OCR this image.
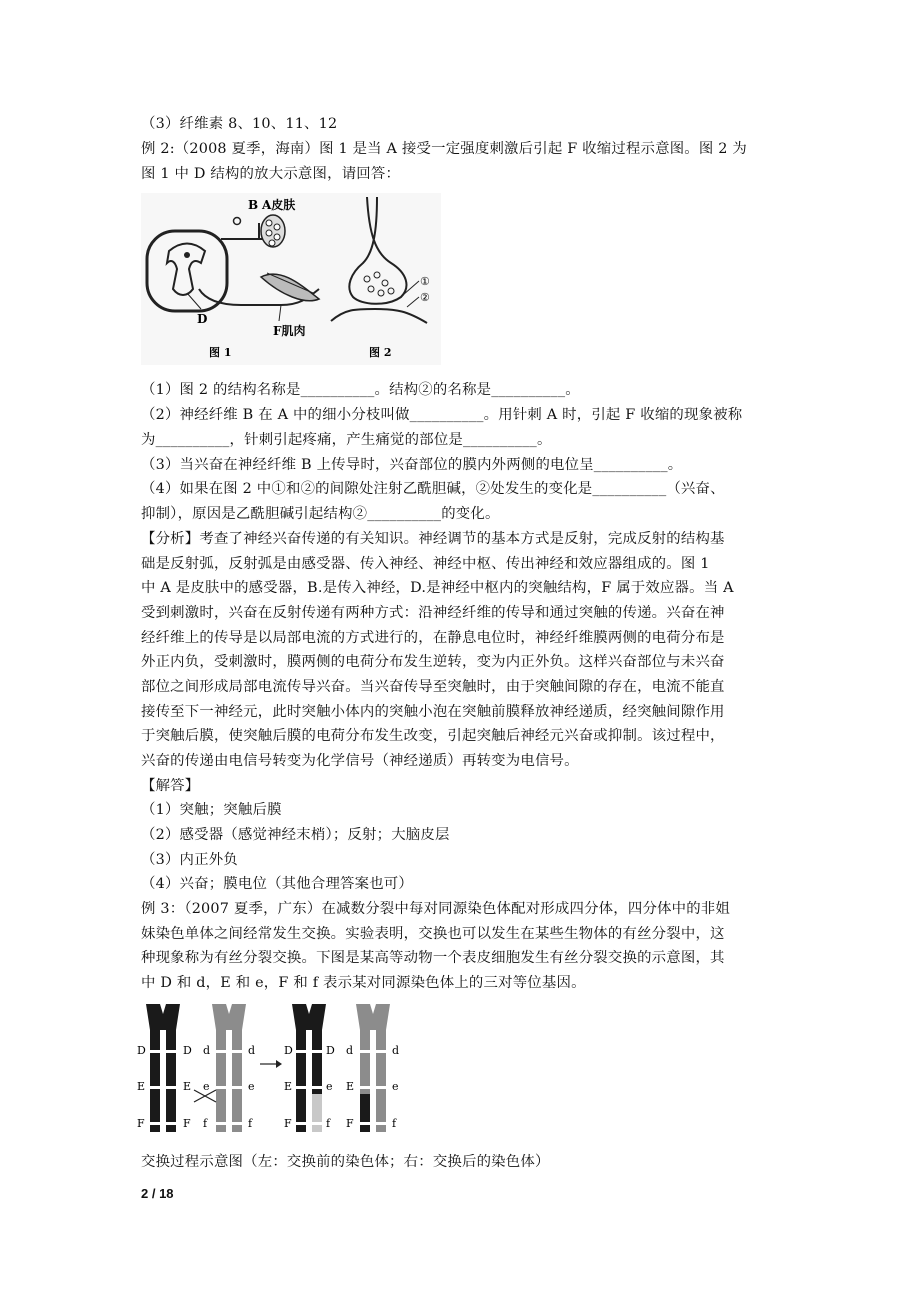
（3）纤维素 8、10、11、12
例 2:（2008 夏季，海南）图 1 是当 A 接受一定强度刺激后引起 F 收缩过程示意图。图 2 为
图 1 中 D 结构的放大示意图，请回答：
B A皮肤
D
F肌肉
图 1
①
②
图 2
（1）图 2 的结构名称是__________。结构②的名称是__________。
（2）神经纤维 B 在 A 中的细小分枝叫做__________。用针刺 A 时，引起 F 收缩的现象被称
为__________，针刺引起疼痛，产生痛觉的部位是__________。
（3）当兴奋在神经纤维 B 上传导时，兴奋部位的膜内外两侧的电位呈__________。
（4）如果在图 2 中①和②的间隙处注射乙酰胆碱，②处发生的变化是__________（兴奋、
抑制），原因是乙酰胆碱引起结构②__________的变化。
【分析】考查了神经兴奋传递的有关知识。神经调节的基本方式是反射，完成反射的结构基
础是反射弧，反射弧是由感受器、传入神经、神经中枢、传出神经和效应器组成的。图 1
中 A 是皮肤中的感受器，B.是传入神经，D.是神经中枢内的突触结构，F 属于效应器。当 A
受到刺激时，兴奋在反射传递有两种方式：沿神经纤维的传导和通过突触的传递。兴奋在神
经纤维上的传导是以局部电流的方式进行的，在静息电位时，神经纤维膜两侧的电荷分布是
外正内负，受刺激时，膜两侧的电荷分布发生逆转，变为内正外负。这样兴奋部位与未兴奋
部位之间形成局部电流传导兴奋。当兴奋传导至突触时，由于突触间隙的存在，电流不能直
接传至下一神经元，此时突触小体内的突触小泡在突触前膜释放神经递质，经突触间隙作用
于突触后膜，使突触后膜的电荷分布发生改变，引起突触后神经元兴奋或抑制。该过程中，
兴奋的传递由电信号转变为化学信号（神经递质）再转变为电信号。
【解答】
（1）突触；突触后膜
（2）感受器（感觉神经末梢）；反射；大脑皮层
（3）内正外负
（4）兴奋；膜电位（其他合理答案也可）
例 3：（2007 夏季，广东）在减数分裂中每对同源染色体配对形成四分体，四分体中的非姐
妹染色单体之间经常发生交换。实验表明，交换也可以发生在某些生物体的有丝分裂中，这
种现象称为有丝分裂交换。下图是某高等动物一个表皮细胞发生有丝分裂交换的示意图，其
中 D 和 d，E 和 e，F 和 f 表示某对同源染色体上的三对等位基因。
D
E
F
D
E
F
d
e
f
d
e
f
D
E
F
D
e
f
d
E
F
d
e
f
交换过程示意图（左：交换前的染色体；右：交换后的染色体）
2 / 18
